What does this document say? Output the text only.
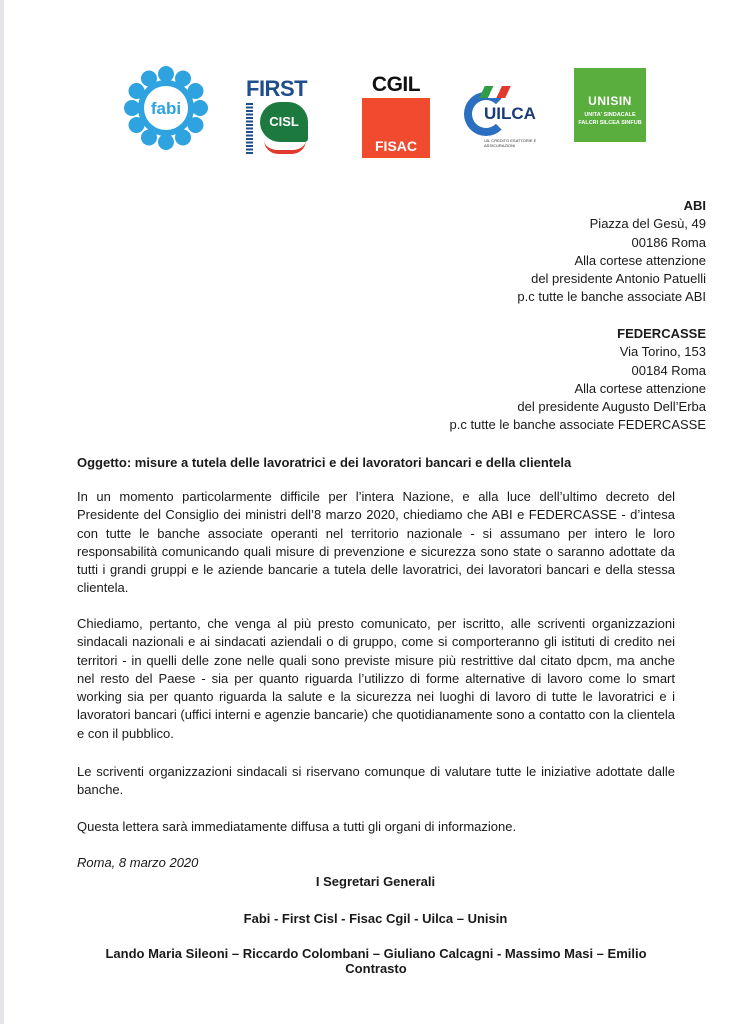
fabi
FIRST
CISL
CGIL
FISAC
UILCA
UIL CREDITO ESATTORIE E ASSICURAZIONI
UNISIN
UNITA' SINDACALE
FALCRI SILCEA SINFUB
ABI
Piazza del Gesù, 49
00186 Roma
Alla cortese attenzione
del presidente Antonio Patuelli
p.c tutte le banche associate ABI
FEDERCASSE
Via Torino, 153
00184 Roma
Alla cortese attenzione
del presidente Augusto Dell’Erba
p.c tutte le banche associate FEDERCASSE
Oggetto: misure a tutela delle lavoratrici e dei lavoratori bancari e della clientela
In un momento particolarmente difficile per l’intera Nazione, e alla luce dell’ultimo decreto del Presidente del Consiglio dei ministri dell’8 marzo 2020, chiediamo che ABI e FEDERCASSE - d’intesa con tutte le banche associate operanti nel territorio nazionale - si assumano per intero le loro responsabilità comunicando quali misure di prevenzione e sicurezza sono state o saranno adottate da tutti i grandi gruppi e le aziende bancarie a tutela delle lavoratrici, dei lavoratori bancari e della stessa clientela.
Chiediamo, pertanto, che venga al più presto comunicato, per iscritto, alle scriventi organizzazioni sindacali nazionali e ai sindacati aziendali o di gruppo, come si comporteranno gli istituti di credito nei territori - in quelli delle zone nelle quali sono previste misure più restrittive dal citato dpcm, ma anche nel resto del Paese - sia per quanto riguarda l’utilizzo di forme alternative di lavoro come lo smart working sia per quanto riguarda la salute e la sicurezza nei luoghi di lavoro di tutte le lavoratrici e i lavoratori bancari (uffici interni e agenzie bancarie) che quotidianamente sono a contatto con la clientela e con il pubblico.
Le scriventi organizzazioni sindacali si riservano comunque di valutare tutte le iniziative adottate dalle banche.
Questa lettera sarà immediatamente diffusa a tutti gli organi di informazione.
Roma, 8 marzo 2020
I Segretari Generali
Fabi - First Cisl - Fisac Cgil - Uilca – Unisin
Lando Maria Sileoni – Riccardo Colombani – Giuliano Calcagni - Massimo Masi – Emilio Contrasto
